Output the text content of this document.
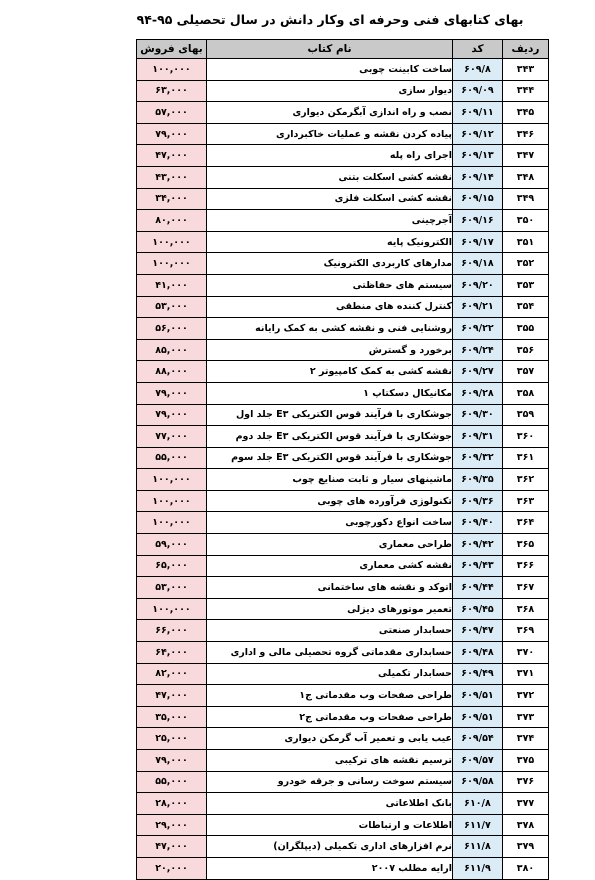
بهای کتابهای فنی وحرفه ای وکار دانش در سال تحصیلی ۹۵-۹۴
ردیف	کد	نام کتاب	بهای فروش
۳۴۳	۶۰۹/۸	ساخت کابینت چوبی	۱۰۰,۰۰۰
۳۴۴	۶۰۹/۰۹	دیوار سازی	۶۳,۰۰۰
۳۴۵	۶۰۹/۱۱	نصب و راه اندازی آبگرمکن دیواری	۵۷,۰۰۰
۳۴۶	۶۰۹/۱۲	پیاده کردن نقشه و عملیات خاکبرداری	۷۹,۰۰۰
۳۴۷	۶۰۹/۱۳	اجرای راه پله	۴۷,۰۰۰
۳۴۸	۶۰۹/۱۴	نقشه کشی اسکلت بتنی	۴۳,۰۰۰
۳۴۹	۶۰۹/۱۵	نقشه کشی اسکلت فلزی	۳۴,۰۰۰
۳۵۰	۶۰۹/۱۶	آجرچینی	۸۰,۰۰۰
۳۵۱	۶۰۹/۱۷	الکترونیک پایه	۱۰۰,۰۰۰
۳۵۲	۶۰۹/۱۸	مدارهای کاربردی الکترونیک	۱۰۰,۰۰۰
۳۵۳	۶۰۹/۲۰	سیستم های حفاظتی	۴۱,۰۰۰
۳۵۴	۶۰۹/۲۱	کنترل کننده های منطقی	۵۳,۰۰۰
۳۵۵	۶۰۹/۲۲	روشنایی فنی و نقشه کشی به کمک رایانه	۵۶,۰۰۰
۳۵۶	۶۰۹/۲۴	برخورد و گسترش	۸۵,۰۰۰
۳۵۷	۶۰۹/۲۷	نقشه کشی به کمک کامپیوتر ۲	۸۸,۰۰۰
۳۵۸	۶۰۹/۲۸	مکانیکال دسکتاپ ۱	۷۹,۰۰۰
۳۵۹	۶۰۹/۳۰	جوشکاری با فرآیند قوس الکتریکی E۳ جلد اول	۷۹,۰۰۰
۳۶۰	۶۰۹/۳۱	جوشکاری با فرآیند قوس الکتریکی E۳ جلد دوم	۷۷,۰۰۰
۳۶۱	۶۰۹/۳۲	جوشکاری با فرآیند قوس الکتریکی E۳ جلد سوم	۵۵,۰۰۰
۳۶۲	۶۰۹/۳۵	ماشینهای سیار و ثابت صنایع چوب	۱۰۰,۰۰۰
۳۶۳	۶۰۹/۳۶	تکنولوژی فرآورده های چوبی	۱۰۰,۰۰۰
۳۶۴	۶۰۹/۴۰	ساخت انواع دکورچوبی	۱۰۰,۰۰۰
۳۶۵	۶۰۹/۴۲	طراحی معماری	۵۹,۰۰۰
۳۶۶	۶۰۹/۴۳	نقشه کشی معماری	۶۵,۰۰۰
۳۶۷	۶۰۹/۴۴	اتوکد و نقشه های ساختمانی	۵۳,۰۰۰
۳۶۸	۶۰۹/۴۵	تعمیر موتورهای دیزلی	۱۰۰,۰۰۰
۳۶۹	۶۰۹/۴۷	حسابدار صنعتی	۶۶,۰۰۰
۳۷۰	۶۰۹/۴۸	حسابداری مقدماتی گروه تحصیلی مالی و اداری	۶۴,۰۰۰
۳۷۱	۶۰۹/۴۹	حسابدار تکمیلی	۸۲,۰۰۰
۳۷۲	۶۰۹/۵۱	طراحی صفحات وب مقدماتی ج۱	۴۷,۰۰۰
۳۷۳	۶۰۹/۵۱	طراحی صفحات وب مقدماتی ج۲	۳۵,۰۰۰
۳۷۴	۶۰۹/۵۴	عیب یابی و تعمیر آب گرمکن دیواری	۲۵,۰۰۰
۳۷۵	۶۰۹/۵۷	ترسیم نقشه های ترکیبی	۷۹,۰۰۰
۳۷۶	۶۰۹/۵۸	سیستم سوخت رسانی و جرقه خودرو	۵۵,۰۰۰
۳۷۷	۶۱۰/۸	بانک اطلاعاتی	۲۸,۰۰۰
۳۷۸	۶۱۱/۷	اطلاعات و ارتباطات	۲۹,۰۰۰
۳۷۹	۶۱۱/۸	نرم افزارهای اداری تکمیلی (دیپلگران)	۴۷,۰۰۰
۳۸۰	۶۱۱/۹	ارایه مطلب ۲۰۰۷	۲۰,۰۰۰
